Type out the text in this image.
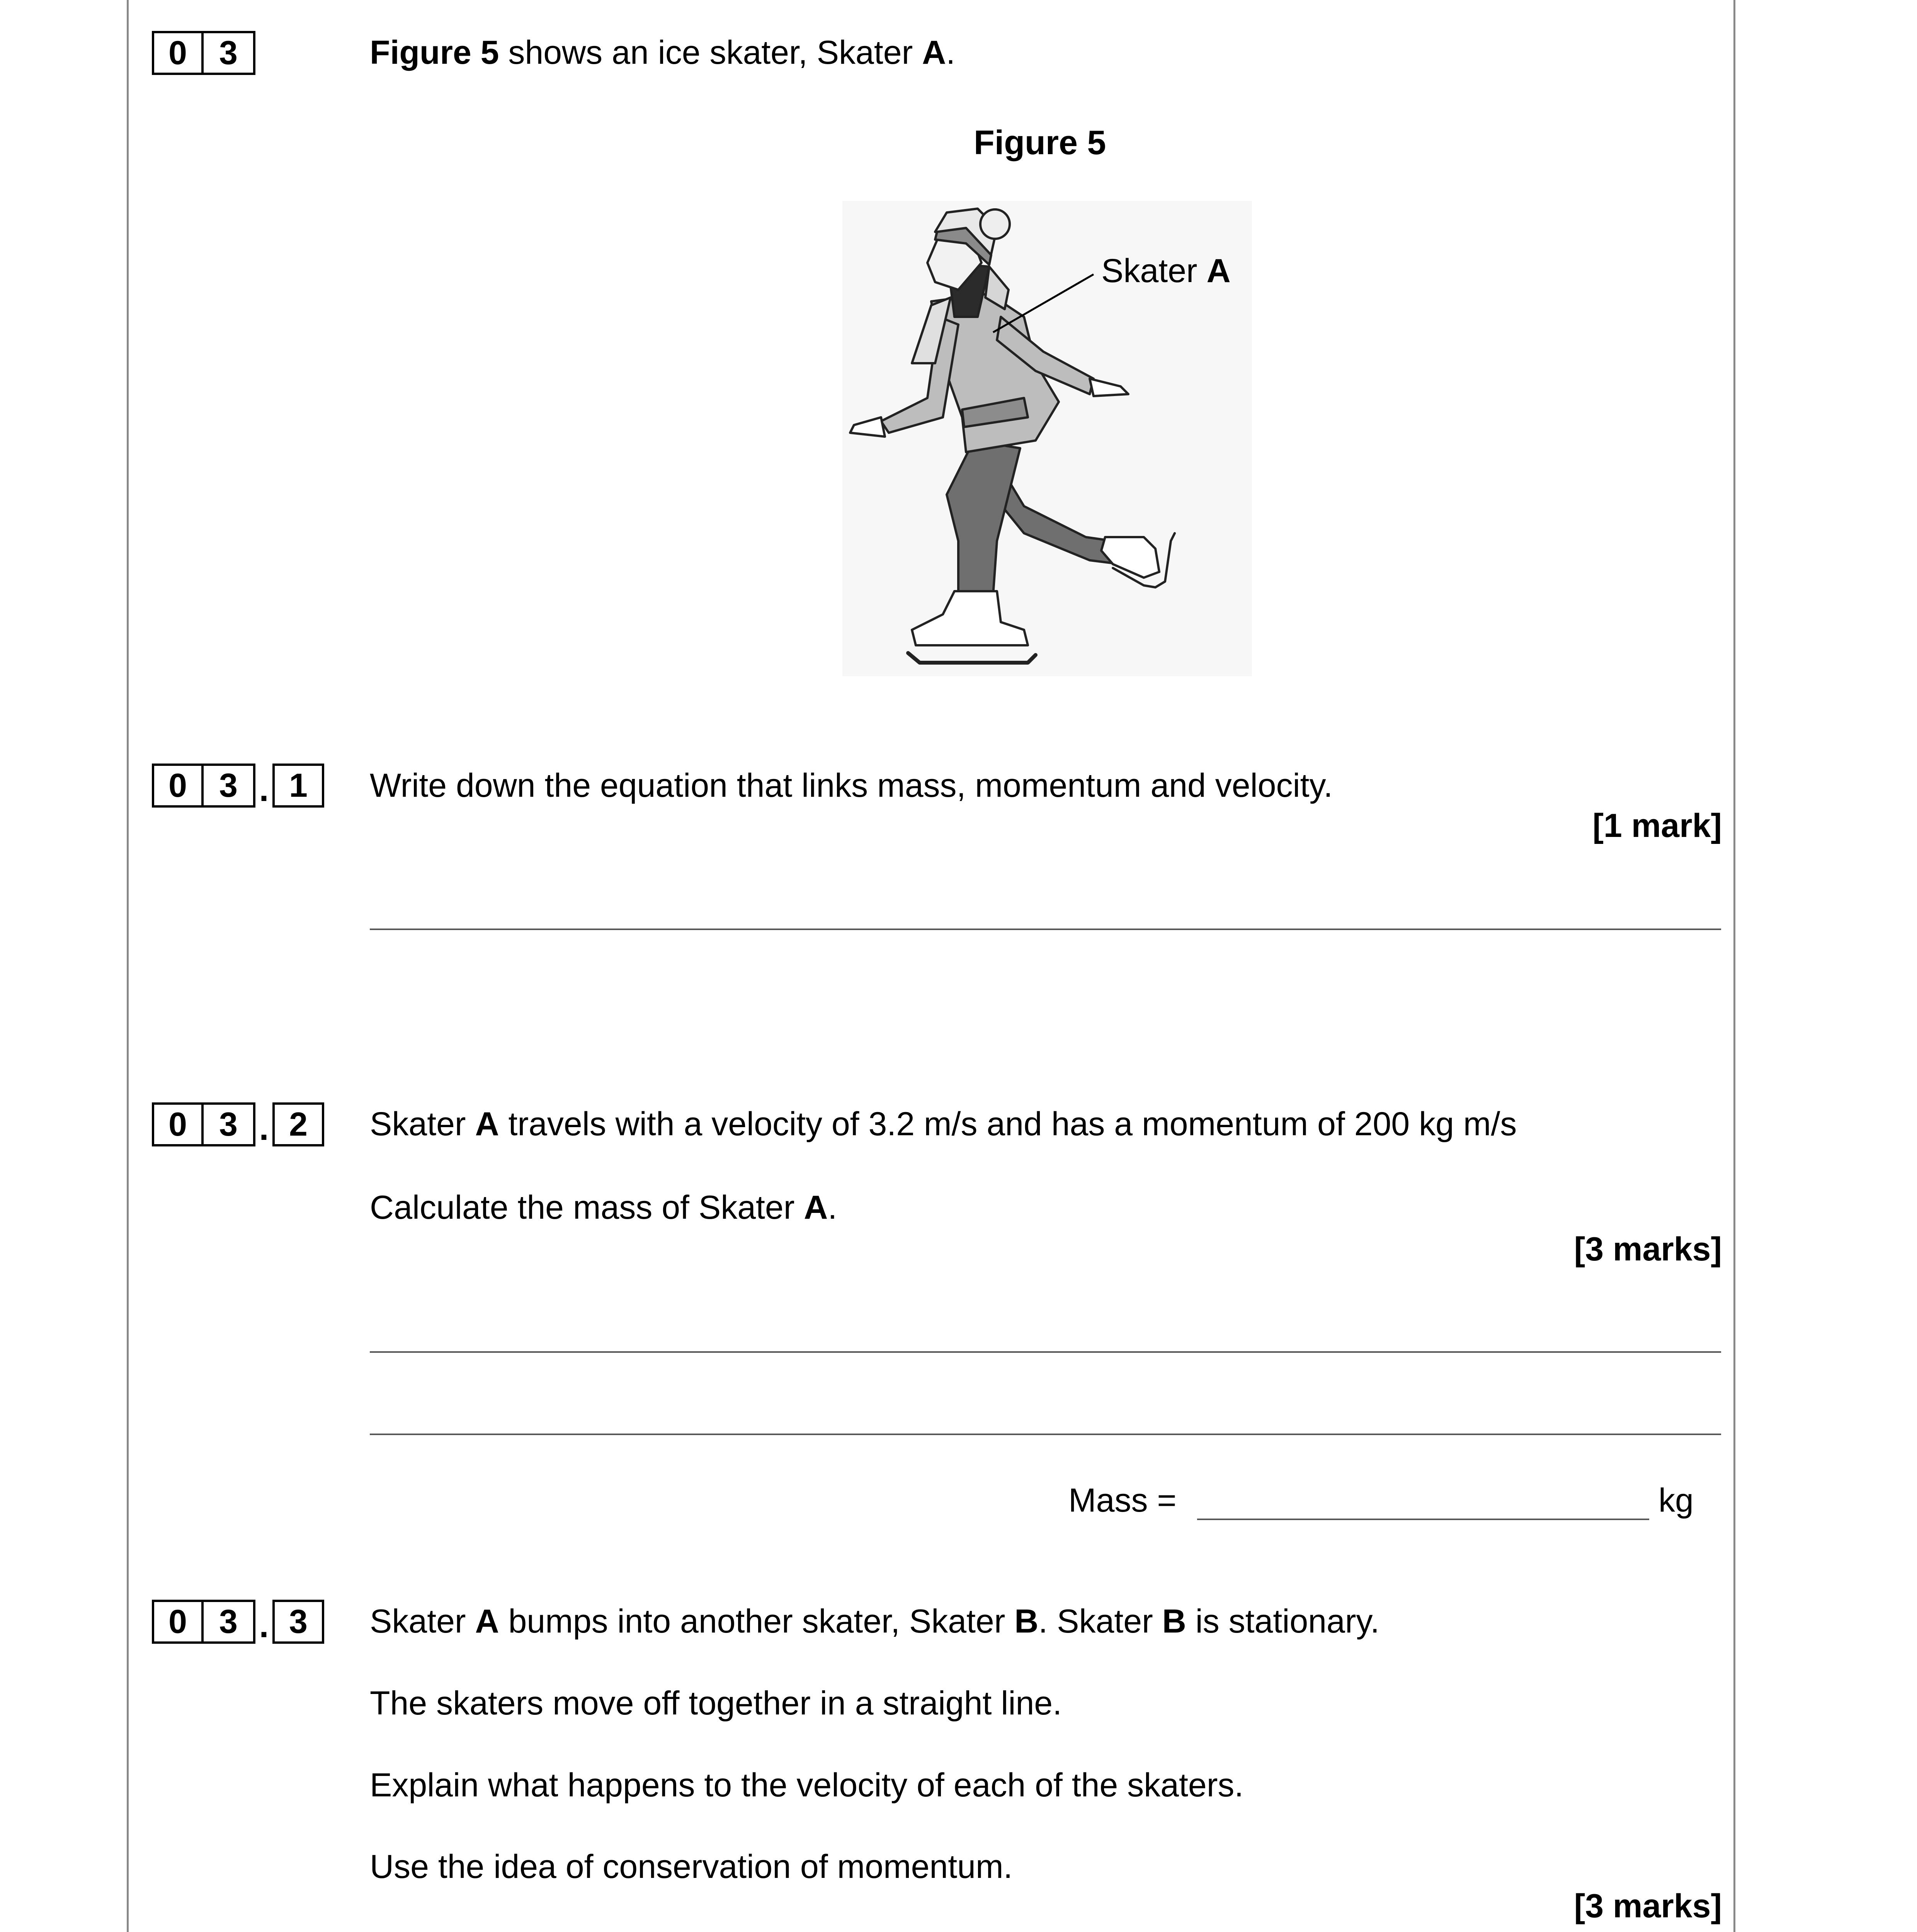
0 3	Figure 5 shows an ice skater, Skater A.
Figure 5
Skater A
0 3 . 1	Write down the equation that links mass, momentum and velocity.
[1 mark]
0 3 . 2	Skater A travels with a velocity of 3.2 m/s and has a momentum of 200 kg m/s
Calculate the mass of Skater A.
[3 marks]
Mass =	kg
0 3 . 3	Skater A bumps into another skater, Skater B. Skater B is stationary.
The skaters move off together in a straight line.
Explain what happens to the velocity of each of the skaters.
Use the idea of conservation of momentum.
[3 marks]
